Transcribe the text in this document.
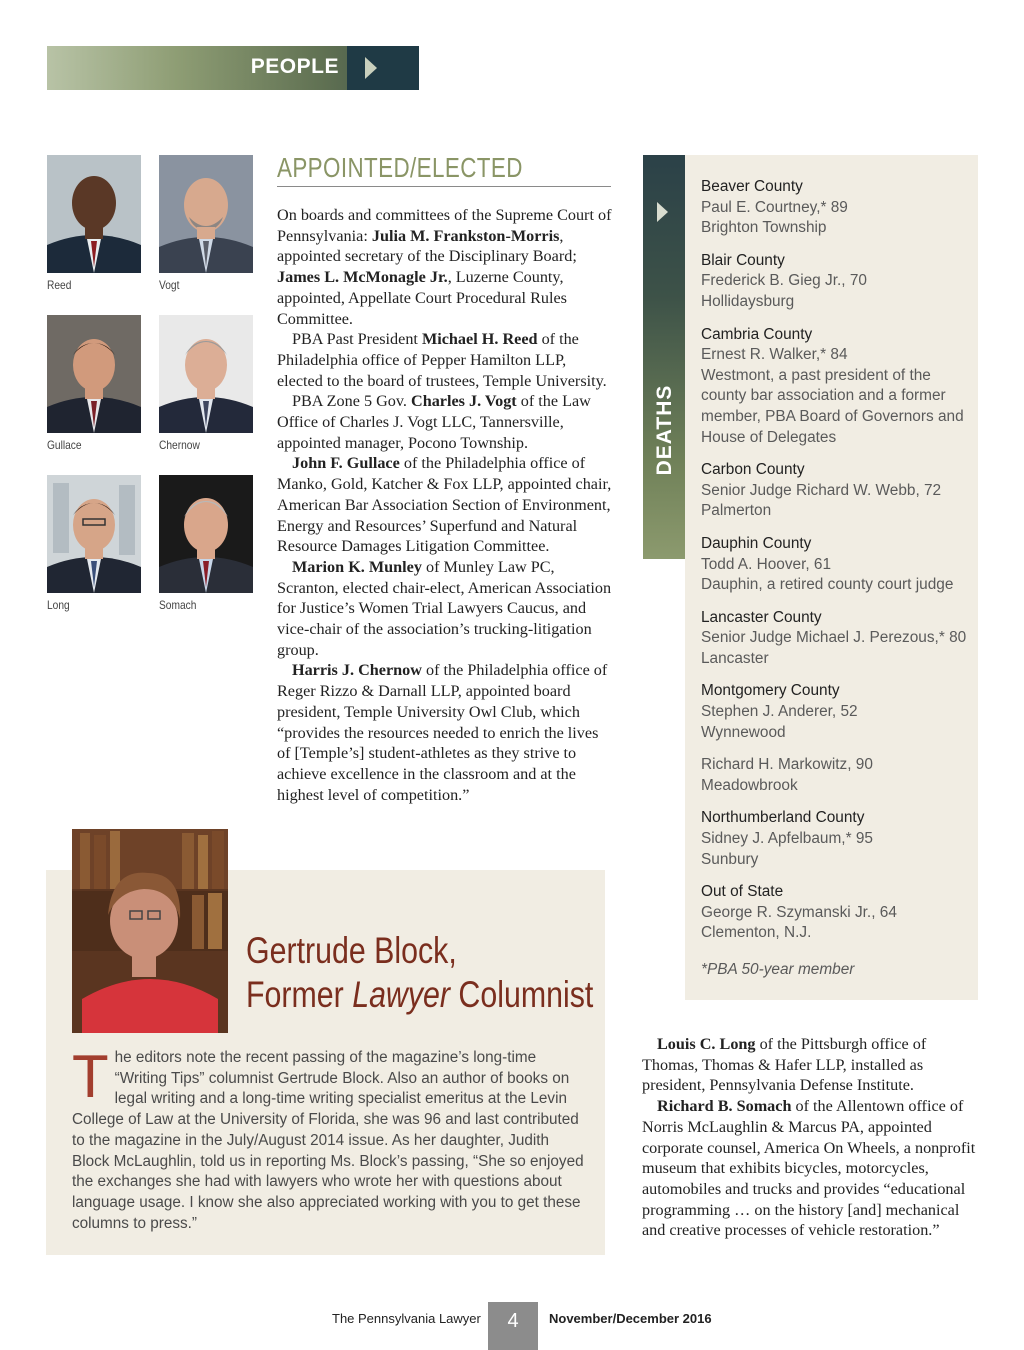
PEOPLE
Reed	Vogt
Gullace	Chernow
Long	Somach
APPOINTED/ELECTED

On boards and committees of the Supreme Court of Pennsylvania: Julia M. Frankston-Morris, appointed secretary of the Disciplinary Board; James L. McMonagle Jr., Luzerne County, appointed, Appellate Court Procedural Rules Committee.

PBA Past President Michael H. Reed of the Philadelphia office of Pepper Hamilton LLP, elected to the board of trustees, Temple University.

PBA Zone 5 Gov. Charles J. Vogt of the Law Office of Charles J. Vogt LLC, Tannersville, appointed manager, Pocono Township.

John F. Gullace of the Philadelphia office of Manko, Gold, Katcher & Fox LLP, appointed chair, American Bar Association Section of Environment, Energy and Resources’ Superfund and Natural Resource Damages Litigation Committee.

Marion K. Munley of Munley Law PC, Scranton, elected chair-elect, American Association for Justice’s Women Trial Lawyers Caucus, and vice-chair of the association’s trucking-litigation group.

Harris J. Chernow of the Philadelphia office of Reger Rizzo & Darnall LLP, appointed board president, Temple University Owl Club, which “provides the resources needed to enrich the lives of [Temple’s] student-athletes as they strive to achieve excellence in the classroom and at the highest level of competition.”

DEATHS
Beaver County
Paul E. Courtney,* 89
Brighton Township
Blair County
Frederick B. Gieg Jr., 70
Hollidaysburg
Cambria County
Ernest R. Walker,* 84
Westmont, a past president of the county bar association and a former member, PBA Board of Governors and House of Delegates
Carbon County
Senior Judge Richard W. Webb, 72
Palmerton
Dauphin County
Todd A. Hoover, 61
Dauphin, a retired county court judge
Lancaster County
Senior Judge Michael J. Perezous,* 80
Lancaster
Montgomery County
Stephen J. Anderer, 52
Wynnewood
Richard H. Markowitz, 90
Meadowbrook
Northumberland County
Sidney J. Apfelbaum,* 95
Sunbury
Out of State
George R. Szymanski Jr., 64
Clementon, N.J.
*PBA 50-year member
Gertrude Block,
Former Lawyer Columnist
The editors note the recent passing of the magazine’s long-time “Writing Tips” columnist Gertrude Block. Also an author of books on legal writing and a long-time writing specialist emeritus at the Levin College of Law at the University of Florida, she was 96 and last contributed to the magazine in the July/August 2014 issue. As her daughter, Judith Block McLaughlin, told us in reporting Ms. Block’s passing, “She so enjoyed the exchanges she had with lawyers who wrote her with questions about language usage. I know she also appreciated working with you to get these columns to press.”

Louis C. Long of the Pittsburgh office of Thomas, Thomas & Hafer LLP, installed as president, Pennsylvania Defense Institute.

Richard B. Somach of the Allentown office of Norris McLaughlin & Marcus PA, appointed corporate counsel, America On Wheels, a nonprofit museum that exhibits bicycles, motorcycles, automobiles and trucks and provides “educational programming … on the history [and] mechanical and creative processes of vehicle restoration.”

The Pennsylvania Lawyer	4	November/December 2016
